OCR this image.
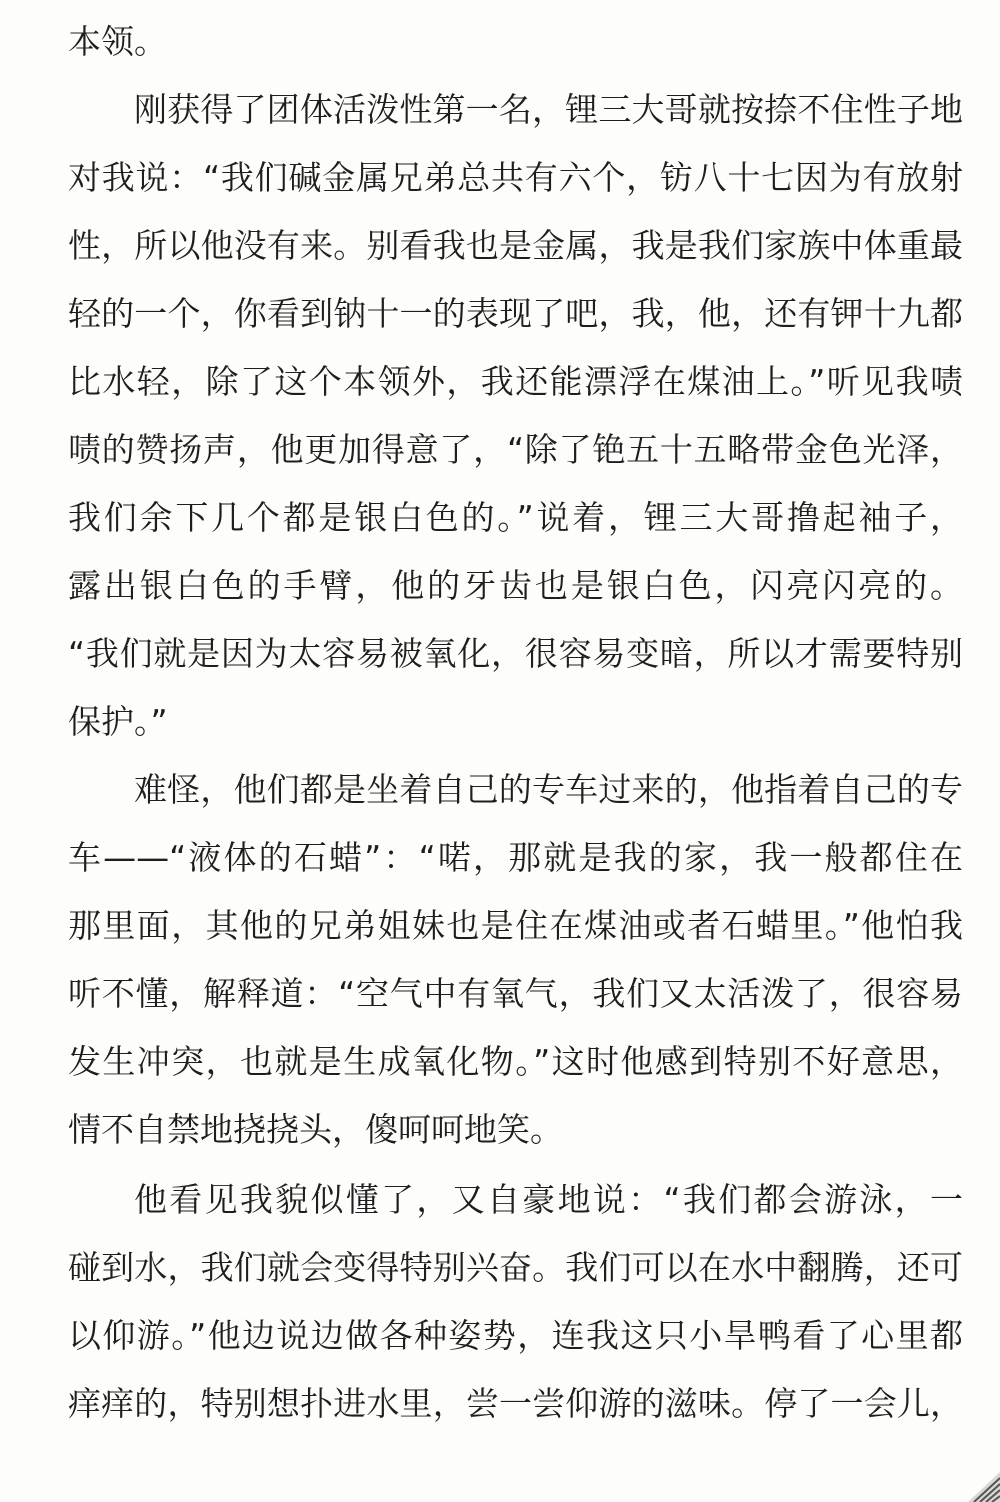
本领。
刚获得了团体活泼性第一名，锂三大哥就按捺不住性子地
对我说：“我们碱金属兄弟总共有六个，钫八十七因为有放射
性，所以他没有来。别看我也是金属，我是我们家族中体重最
轻的一个，你看到钠十一的表现了吧，我，他，还有钾十九都
比水轻，除了这个本领外，我还能漂浮在煤油上。”听见我啧
啧的赞扬声，他更加得意了，“除了铯五十五略带金色光泽，
我们余下几个都是银白色的。”说着，锂三大哥撸起袖子，
露出银白色的手臂，他的牙齿也是银白色，闪亮闪亮的。
“我们就是因为太容易被氧化，很容易变暗，所以才需要特别
保护。”
难怪，他们都是坐着自己的专车过来的，他指着自己的专
车——“液体的石蜡”：“喏，那就是我的家，我一般都住在
那里面，其他的兄弟姐妹也是住在煤油或者石蜡里。”他怕我
听不懂，解释道：“空气中有氧气，我们又太活泼了，很容易
发生冲突，也就是生成氧化物。”这时他感到特别不好意思，
情不自禁地挠挠头，傻呵呵地笑。
他看见我貌似懂了，又自豪地说：“我们都会游泳，一
碰到水，我们就会变得特别兴奋。我们可以在水中翻腾，还可
以仰游。”他边说边做各种姿势，连我这只小旱鸭看了心里都
痒痒的，特别想扑进水里，尝一尝仰游的滋味。停了一会儿，
